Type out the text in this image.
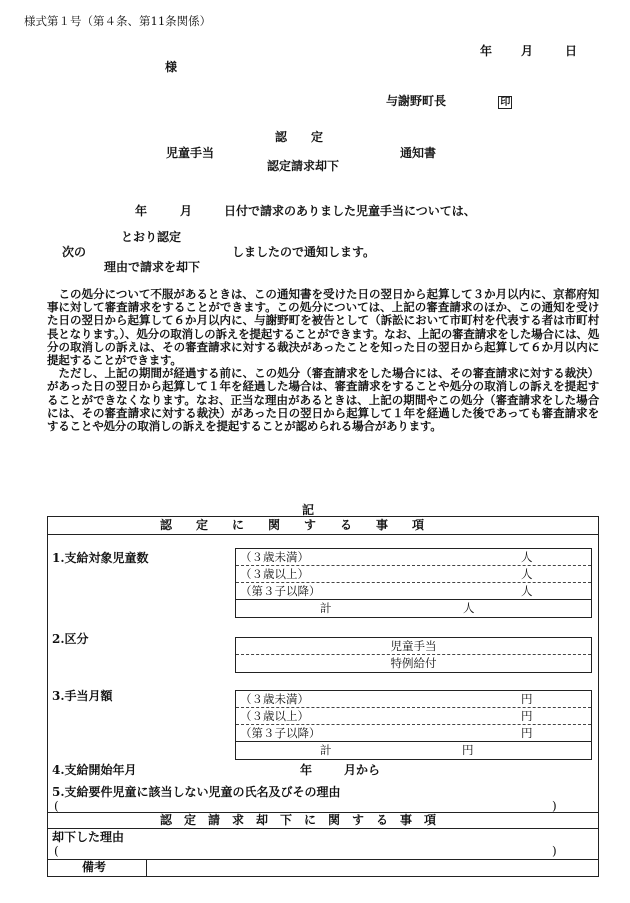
様式第１号（第４条、第11条関係）
年 月	日
様
与謝野町長	印
認　　定
児童手当	通知書
認定請求却下
年	月	日付で請求のありました児童手当については、
とおり認定
次の	しましたので通知します。
理由で請求を却下

この処分について不服があるときは、この通知書を受けた日の翌日から起算して３か月以内に、京都府知事に対して審査請求をすることができます。この処分については、上記の審査請求のほか、この通知を受けた日の翌日から起算して６か月以内に、与謝野町を被告として（訴訟において市町村を代表する者は市町村長となります。）、処分の取消しの訴えを提起することができます。なお、上記の審査請求をした場合には、処分の取消しの訴えは、その審査請求に対する裁決があったことを知った日の翌日から起算して６か月以内に提起することができます。

ただし、上記の期間が経過する前に、この処分（審査請求をした場合には、その審査請求に対する裁決）があった日の翌日から起算して１年を経過した場合は、審査請求をすることや処分の取消しの訴えを提起することができなくなります。なお、正当な理由があるときは、上記の期間やこの処分（審査請求をした場合には、その審査請求に対する裁決）があった日の翌日から起算して１年を経過した後であっても審査請求をすることや処分の取消しの訴えを提起することが認められる場合があります。

記
認　　定　　に　　関　　す　　る　　事　　項
1.支給対象児童数	（３歳未満）	人
（３歳以上）	人
（第３子以降）	人
計	人
2.区分	児童手当
特例給付
3.手当月額	（３歳未満）	円
（３歳以上）	円
（第３子以降）	円
計	円
4.支給開始年月	年	月から
5.支給要件児童に該当しない児童の氏名及びその理由
(	)
認　定　請　求　却　下　に　関　す　る　事　項
却下した理由
(	)
備考
